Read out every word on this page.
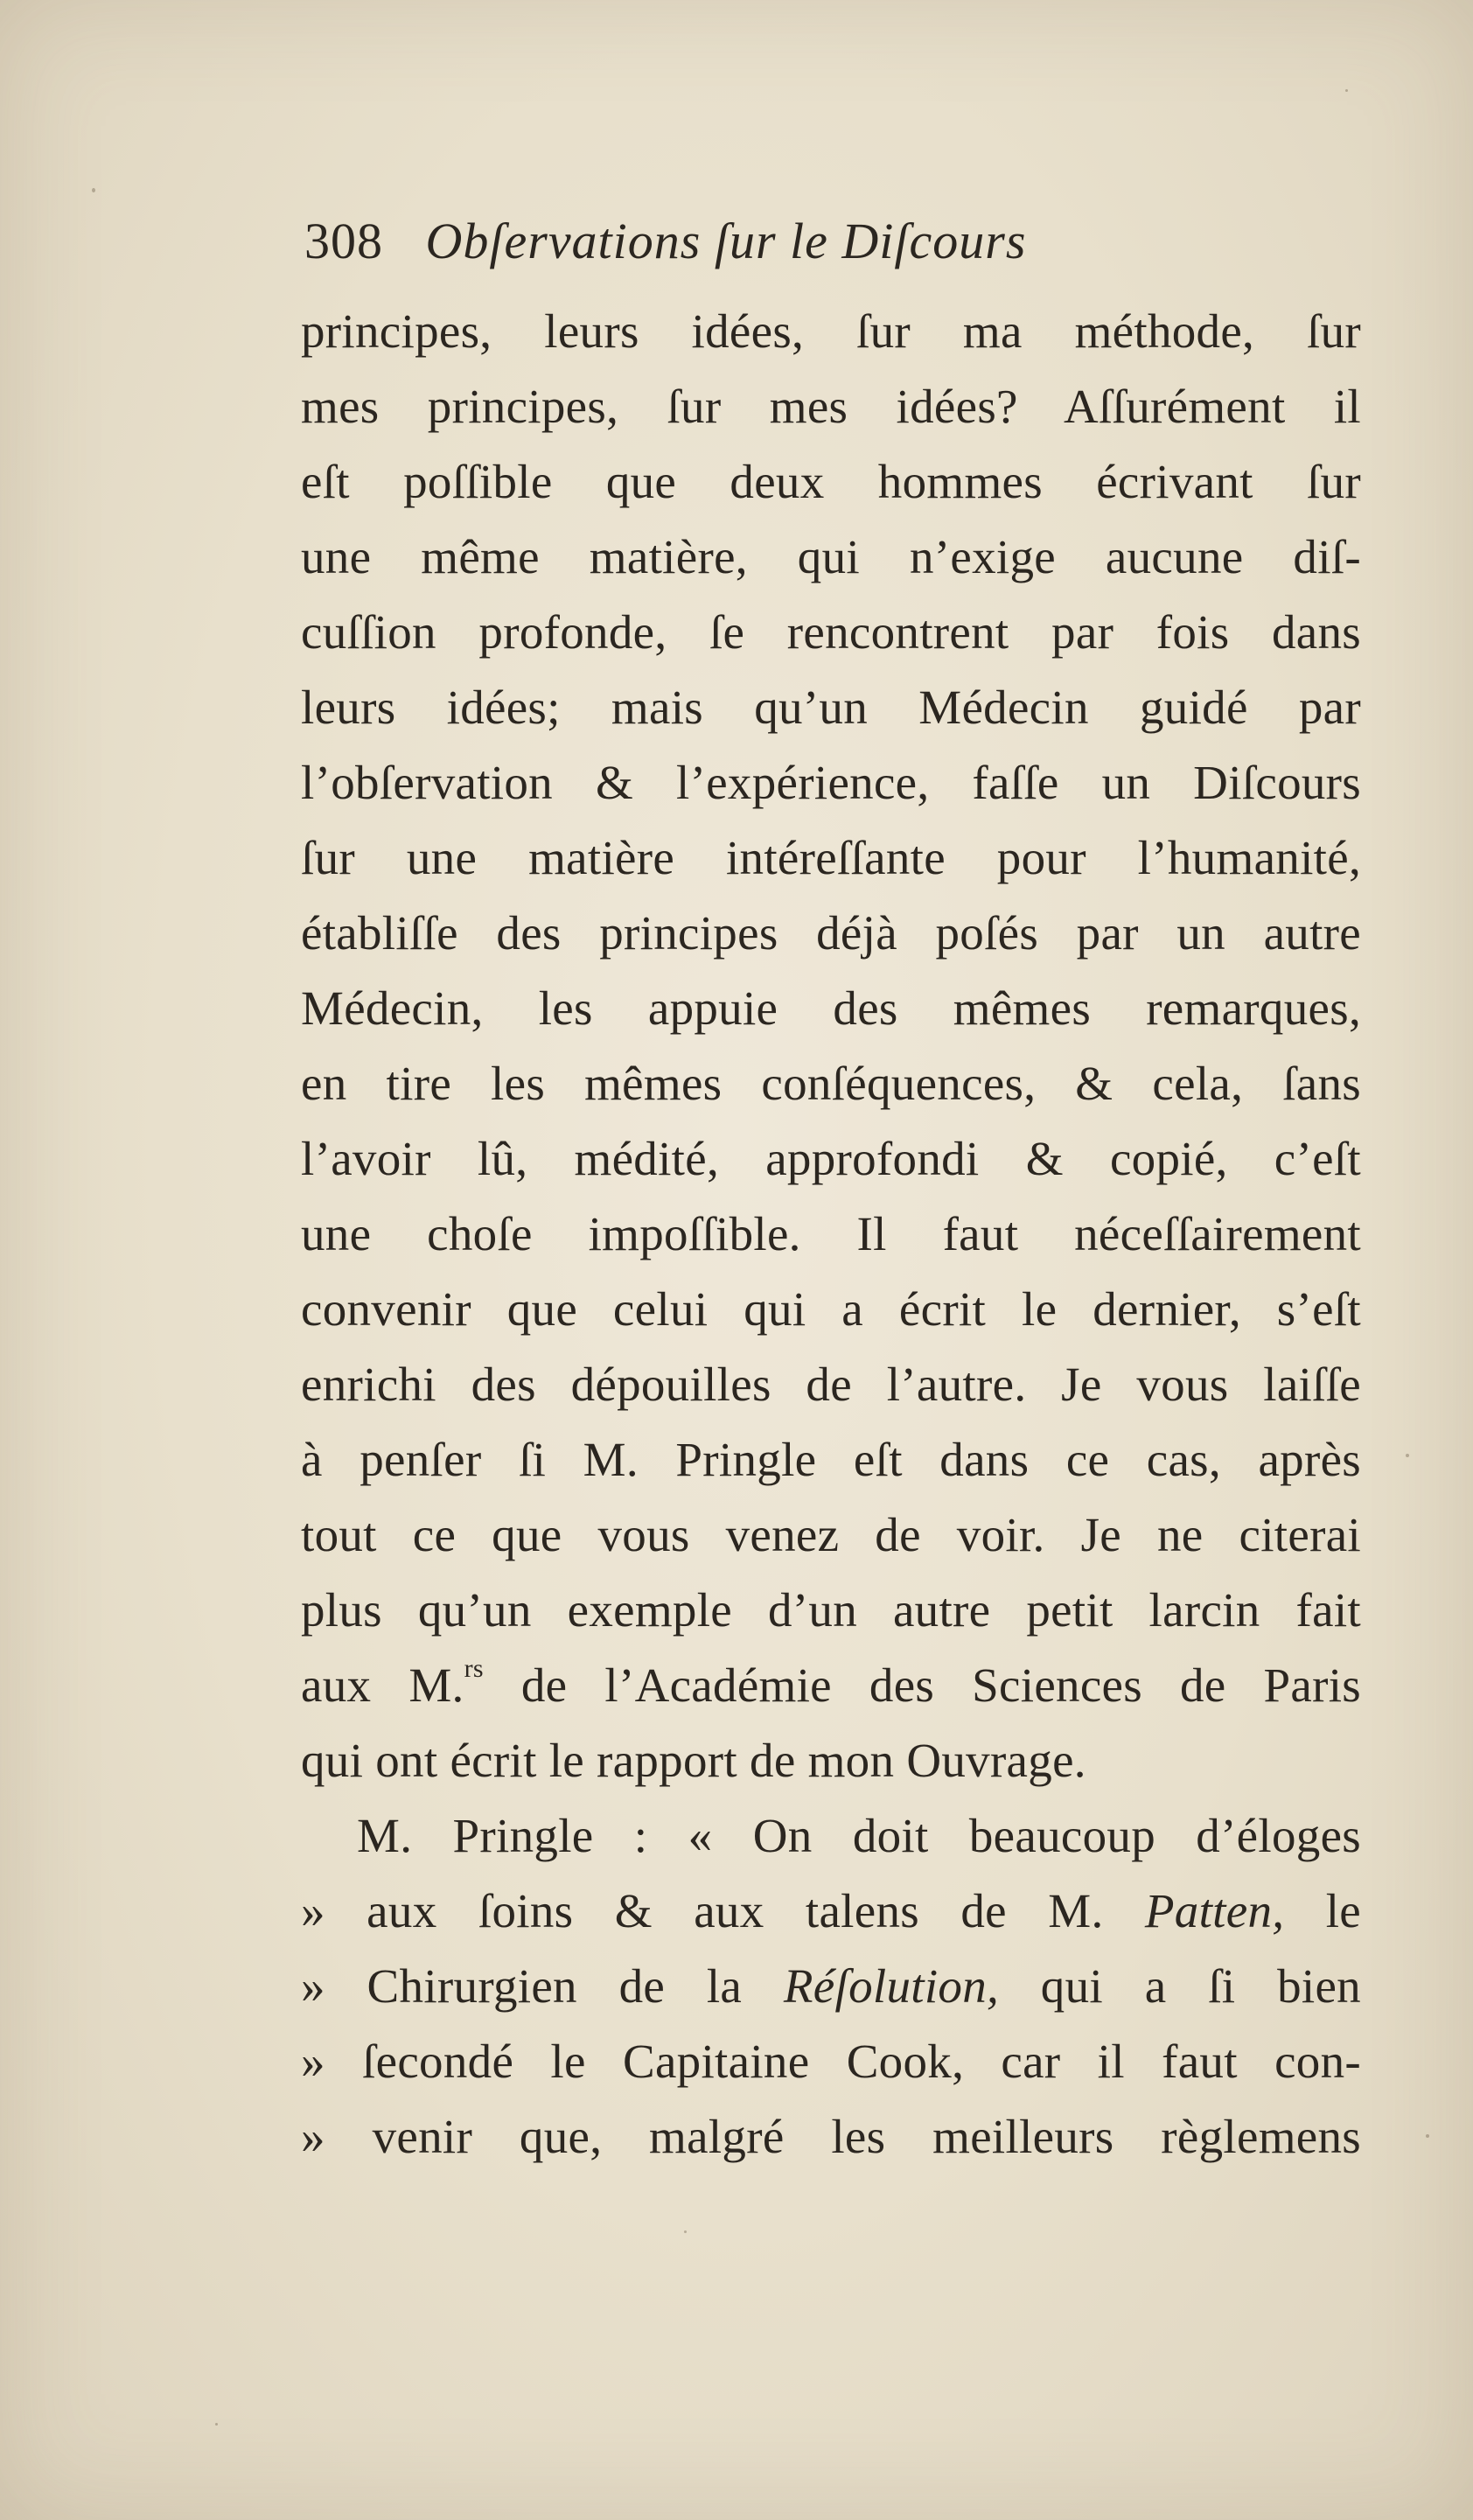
308 Obſervations ſur le Diſcours
principes, leurs idées, ſur ma méthode, ſur
mes principes, ſur mes idées? Aſſurément il
eſt poſſible que deux hommes écrivant ſur
une même matière, qui n’exige aucune diſ-
cuſſion profonde, ſe rencontrent par fois dans
leurs idées; mais qu’un Médecin guidé par
l’obſervation & l’expérience, faſſe un Diſcours
ſur une matière intéreſſante pour l’humanité,
établiſſe des principes déjà poſés par un autre
Médecin, les appuie des mêmes remarques,
en tire les mêmes conſéquences, & cela, ſans
l’avoir lû, médité, approfondi & copié, c’eſt
une choſe impoſſible. Il faut néceſſairement
convenir que celui qui a écrit le dernier, s’eſt
enrichi des dépouilles de l’autre. Je vous laiſſe
à penſer ſi M. Pringle eſt dans ce cas, après
tout ce que vous venez de voir. Je ne citerai
plus qu’un exemple d’un autre petit larcin fait
aux M.$^{rs}$ de l’Académie des Sciences de Paris
qui ont écrit le rapport de mon Ouvrage.
M. Pringle : « On doit beaucoup d’éloges
» aux ſoins & aux talens de M. Patten, le
» Chirurgien de la Réſolution, qui a ſi bien
» ſecondé le Capitaine Cook, car il faut con-
» venir que, malgré les meilleurs règlemens
